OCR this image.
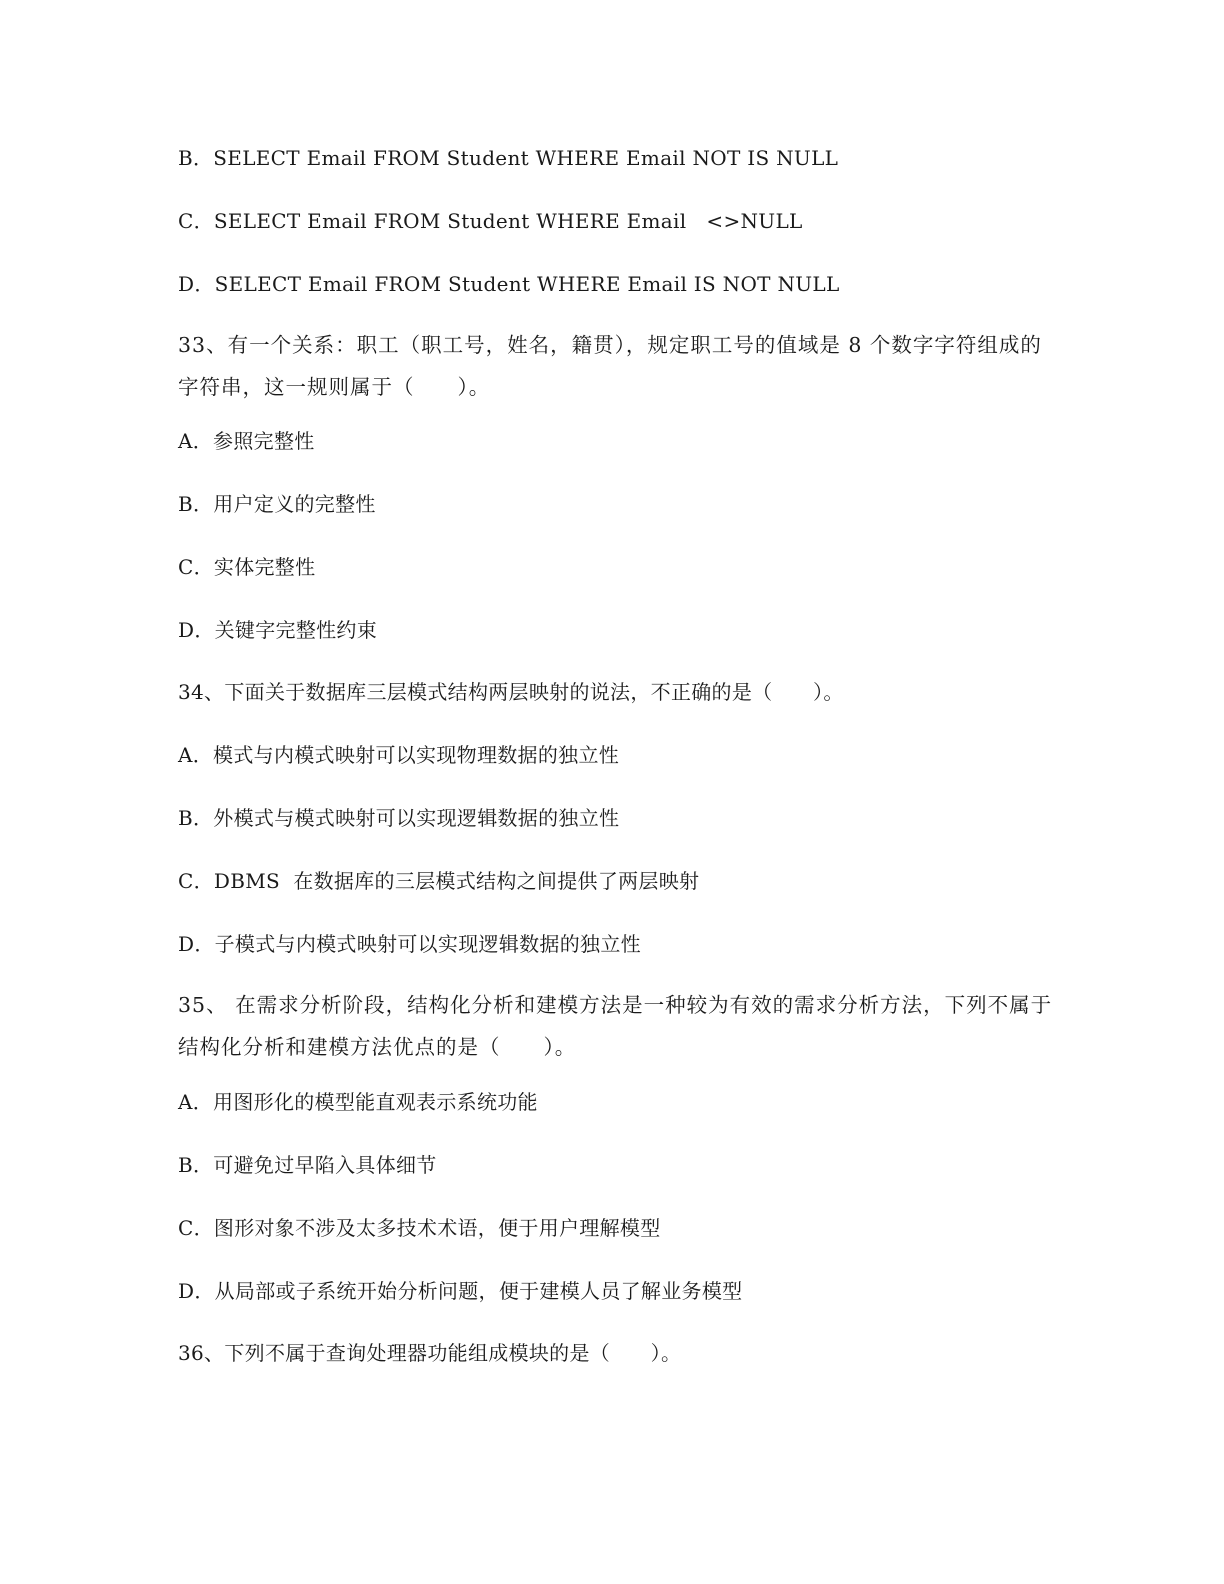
B．SELECT Email FROM Student WHERE Email NOT IS NULL
C．SELECT Email FROM Student WHERE Email   <>NULL
D．SELECT Email FROM Student WHERE Email IS NOT NULL
33、有一个关系：职工（职工号，姓名，籍贯），规定职工号的值域是 8 个数字字符组成的字符串，这一规则属于（　　）。
A．参照完整性
B．用户定义的完整性
C．实体完整性
D．关键字完整性约束
34、下面关于数据库三层模式结构两层映射的说法，不正确的是（　　）。
A．模式与内模式映射可以实现物理数据的独立性
B．外模式与模式映射可以实现逻辑数据的独立性
C．DBMS  在数据库的三层模式结构之间提供了两层映射
D．子模式与内模式映射可以实现逻辑数据的独立性
35、 在需求分析阶段，结构化分析和建模方法是一种较为有效的需求分析方法，下列不属于结构化分析和建模方法优点的是（　　）。
A．用图形化的模型能直观表示系统功能
B．可避免过早陷入具体细节
C．图形对象不涉及太多技术术语，便于用户理解模型
D．从局部或子系统开始分析问题，便于建模人员了解业务模型
36、下列不属于查询处理器功能组成模块的是（　　）。
